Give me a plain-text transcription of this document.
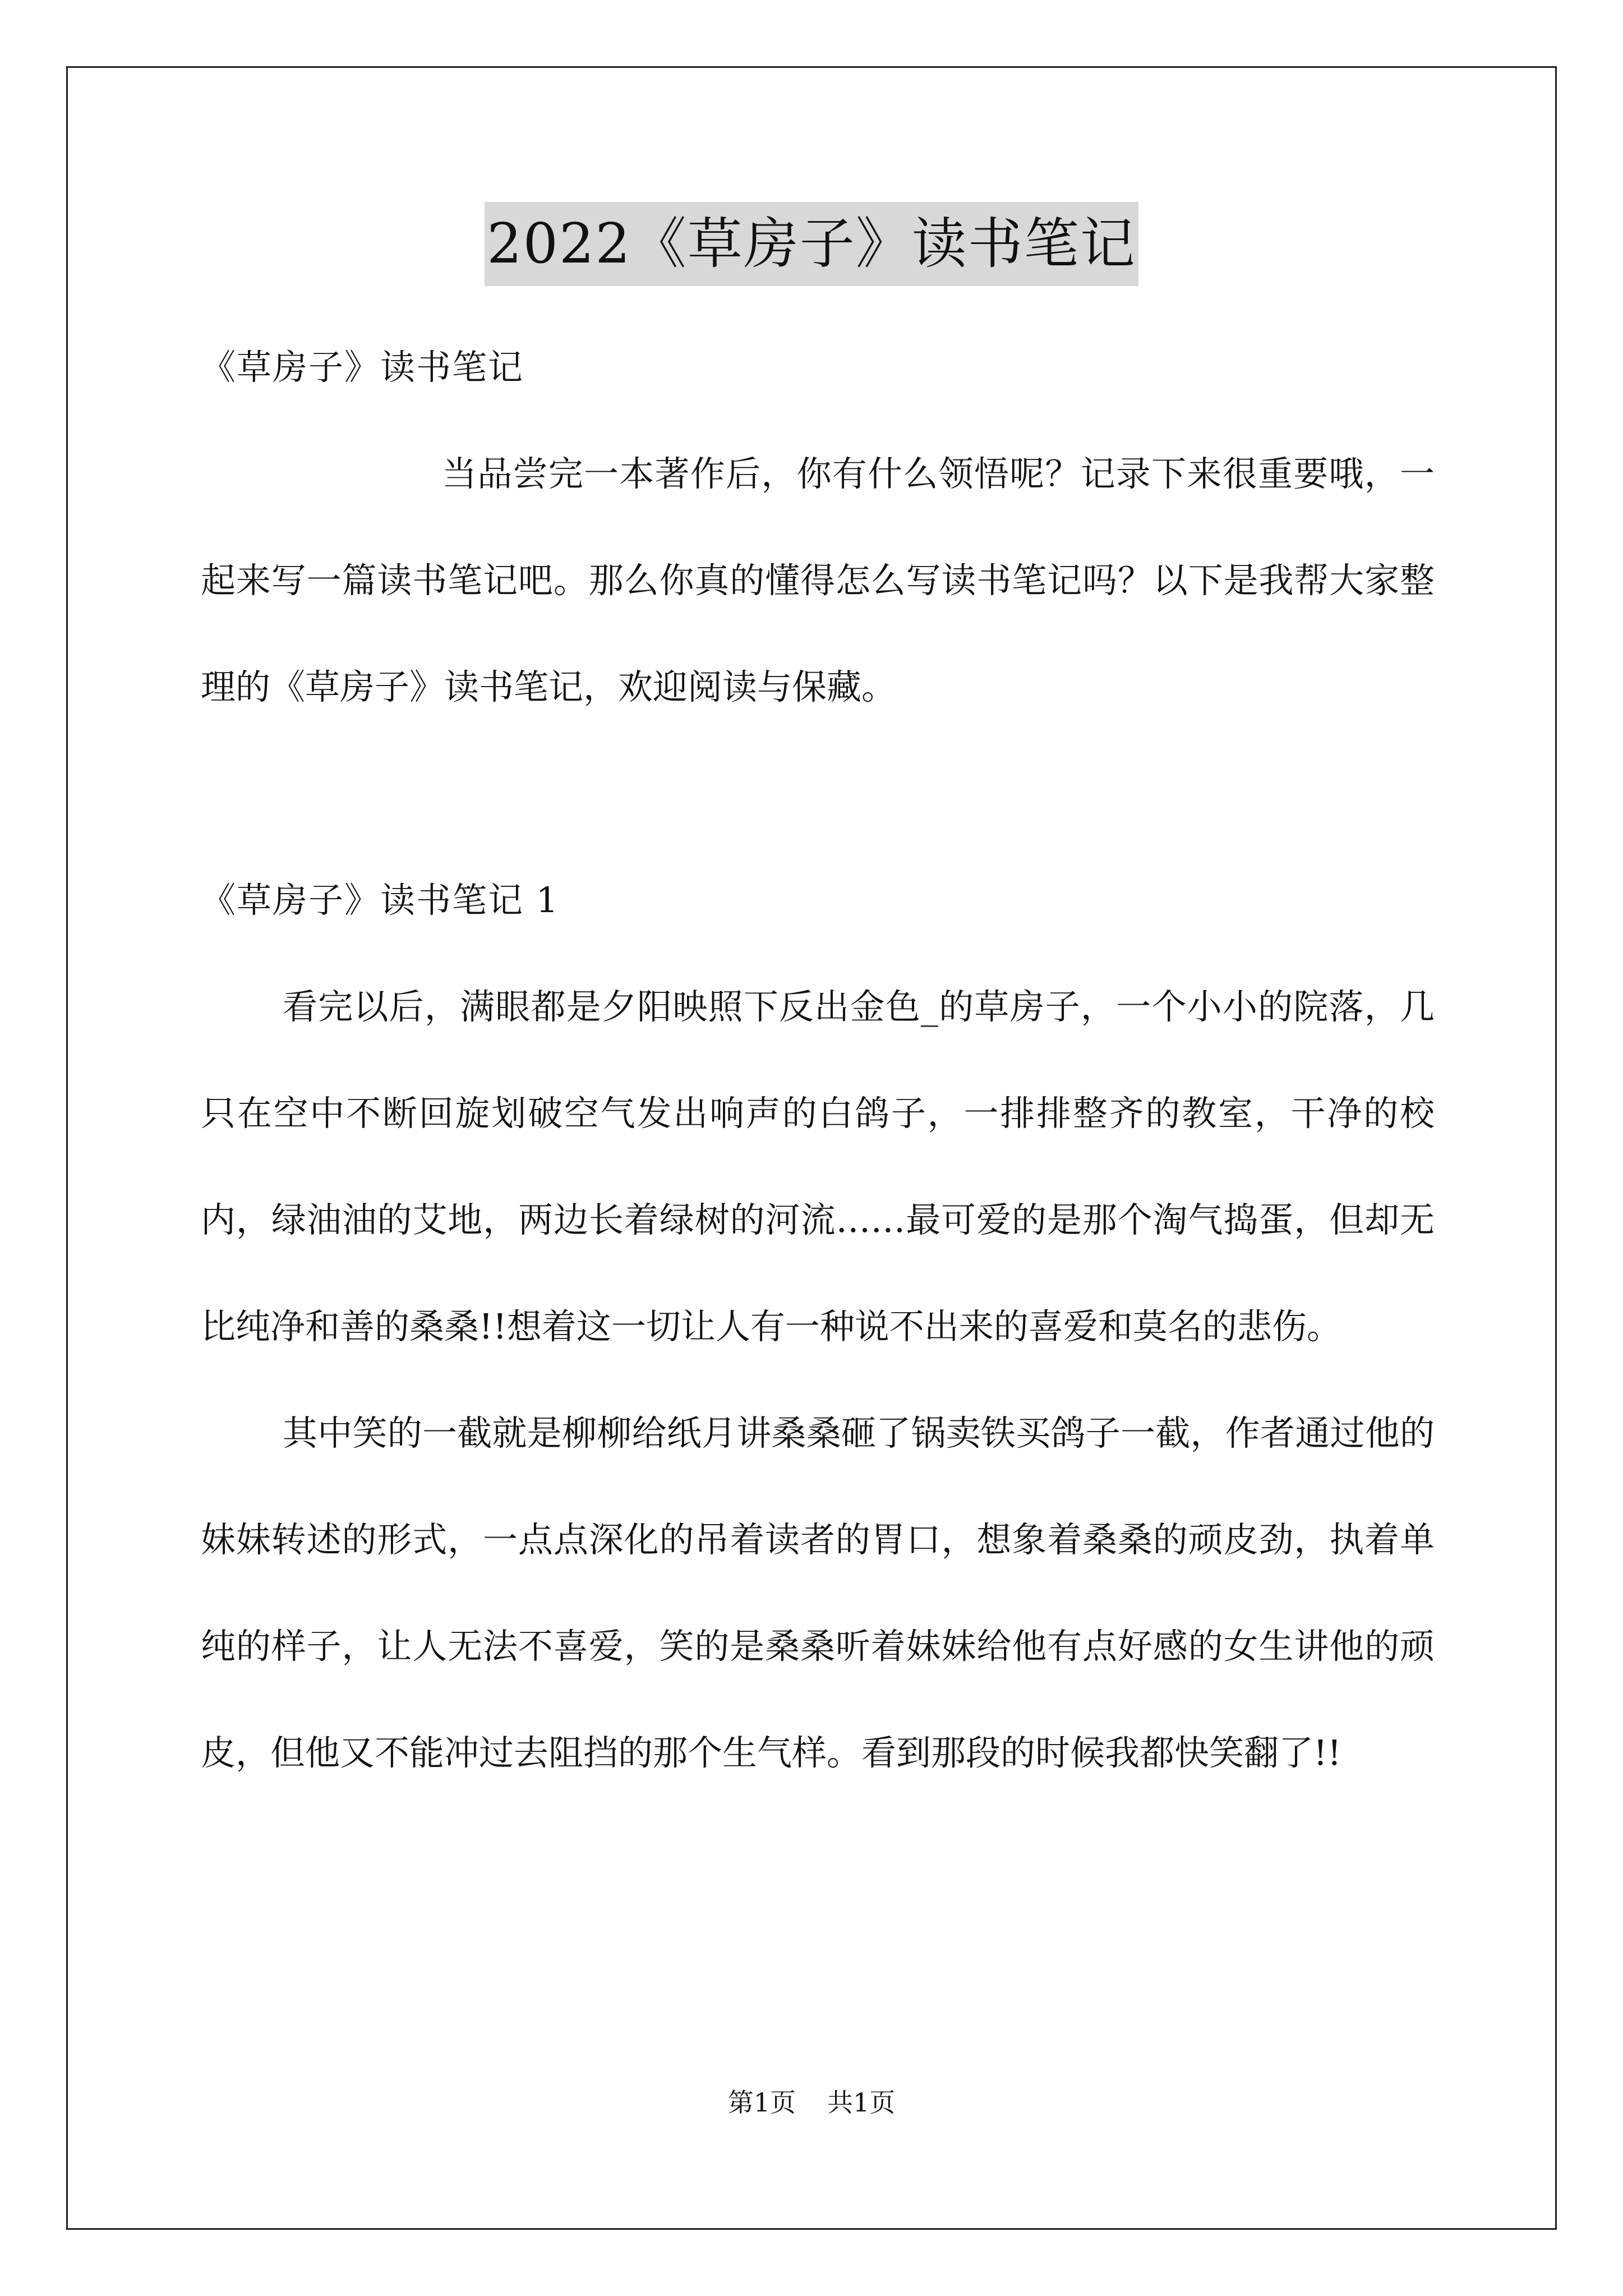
2022《草房子》读书笔记

《草房子》读书笔记

当品尝完一本著作后，你有什么领悟呢？记录下来很重要哦，一起来写一篇读书笔记吧。那么你真的懂得怎么写读书笔记吗？以下是我帮大家整理的《草房子》读书笔记，欢迎阅读与保藏。

《草房子》读书笔记 1

看完以后，满眼都是夕阳映照下反出金色_的草房子，一个小小的院落，几只在空中不断回旋划破空气发出响声的白鸽子，一排排整齐的教室，干净的校内，绿油油的艾地，两边长着绿树的河流……最可爱的是那个淘气捣蛋，但却无比纯净和善的桑桑!!想着这一切让人有一种说不出来的喜爱和莫名的悲伤。

其中笑的一截就是柳柳给纸月讲桑桑砸了锅卖铁买鸽子一截，作者通过他的妹妹转述的形式，一点点深化的吊着读者的胃口，想象着桑桑的顽皮劲，执着单纯的样子，让人无法不喜爱，笑的是桑桑听着妹妹给他有点好感的女生讲他的顽皮，但他又不能冲过去阻挡的那个生气样。看到那段的时候我都快笑翻了!!

第1页 共1页
